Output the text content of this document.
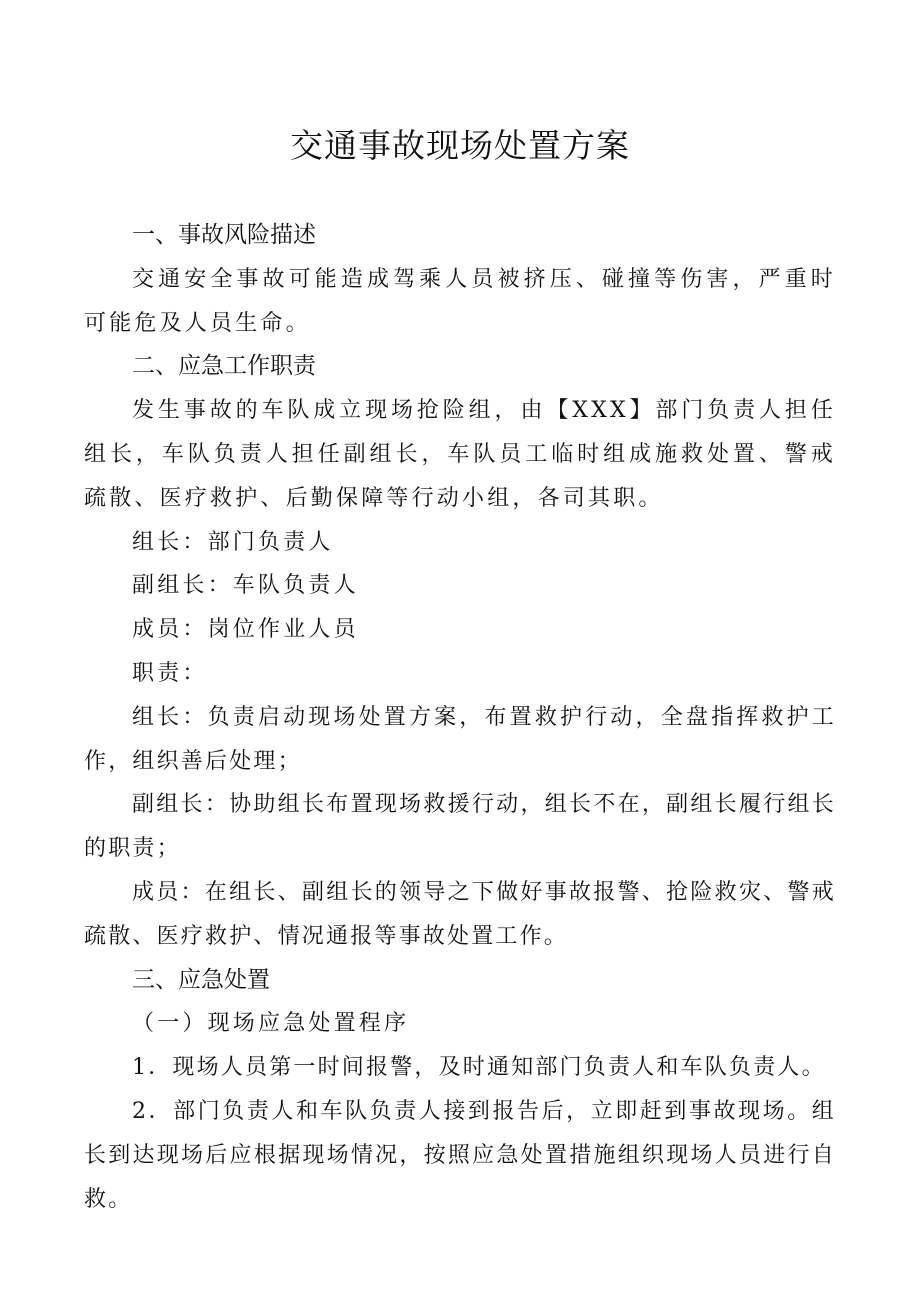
交通事故现场处置方案
一、事故风险描述

交通安全事故可能造成驾乘人员被挤压、碰撞等伤害，严重时可能危及人员生命。

二、应急工作职责

发生事故的车队成立现场抢险组，由【XXX】部门负责人担任组长，车队负责人担任副组长，车队员工临时组成施救处置、警戒疏散、医疗救护、后勤保障等行动小组，各司其职。

组长：部门负责人

副组长：车队负责人

成员：岗位作业人员

职责：

组长：负责启动现场处置方案，布置救护行动，全盘指挥救护工作，组织善后处理；

副组长：协助组长布置现场救援行动，组长不在，副组长履行组长的职责；

成员：在组长、副组长的领导之下做好事故报警、抢险救灾、警戒疏散、医疗救护、情况通报等事故处置工作。

三、应急处置

（一）现场应急处置程序

1．现场人员第一时间报警，及时通知部门负责人和车队负责人。

2．部门负责人和车队负责人接到报告后，立即赶到事故现场。组长到达现场后应根据现场情况，按照应急处置措施组织现场人员进行自救。
